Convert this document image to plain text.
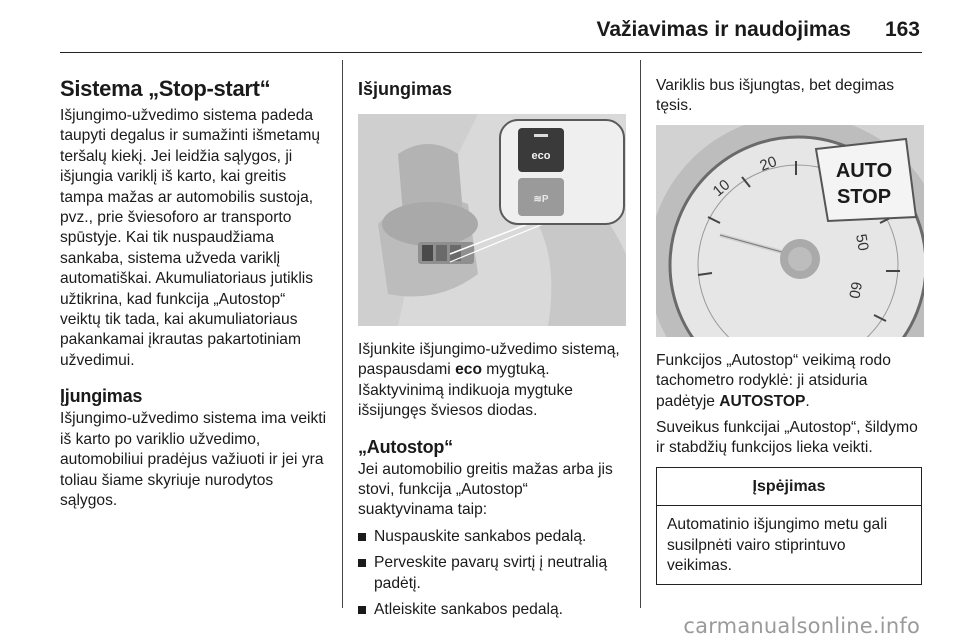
Važiavimas ir naudojimas 163
Sistema „Stop-start“

Išjungimo-užvedimo sistema padeda taupyti degalus ir sumažinti išmetamų teršalų kiekį. Jei leidžia sąlygos, ji išjungia variklį iš karto, kai greitis tampa mažas ar automobilis sustoja, pvz., prie šviesoforo ar transporto spūstyje. Kai tik nuspaudžiama sankaba, sistema užveda variklį automatiškai. Akumuliatoriaus jutiklis užtikrina, kad funkcija „Autostop“ veiktų tik tada, kai akumuliatoriaus pakankamai įkrautas pakartotiniam užvedimui.

Įjungimas

Išjungimo-užvedimo sistema ima veikti iš karto po variklio užvedimo, automobiliui pradėjus važiuoti ir jei yra toliau šiame skyriuje nurodytos sąlygos.

Išjungimas
eco
≋P

Išjunkite išjungimo-užvedimo sistemą, paspausdami eco mygtuką. Išaktyvinimą indikuoja mygtuke išsijungęs šviesos diodas.

„Autostop“

Jei automobilio greitis mažas arba jis stovi, funkcija „Autostop“ suaktyvinama taip:

Nuspauskite sankabos pedalą.
Perveskite pavarų svirtį į neutralią padėtį.
Atleiskite sankabos pedalą.

Variklis bus išjungtas, bet degimas tęsis.

10
20
50
60
AUTO
STOP

Funkcijos „Autostop“ veikimą rodo tachometro rodyklė: ji atsiduria padėtyje AUTOSTOP.

Suveikus funkcijai „Autostop“, šildymo ir stabdžių funkcijos lieka veikti.

Įspėjimas
Automatinio išjungimo metu gali susilpnėti vairo stiprintuvo veikimas.
carmanualsonline.info
